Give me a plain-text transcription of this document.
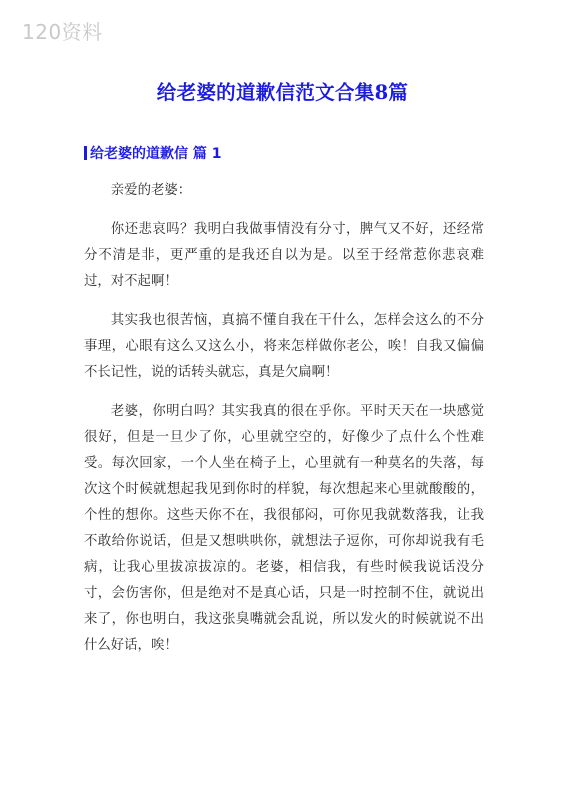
120资料
给老婆的道歉信范文合集8篇
给老婆的道歉信 篇 1

亲爱的老婆：

你还悲哀吗？我明白我做事情没有分寸，脾气又不好，还经常分不清是非，更严重的是我还自以为是。以至于经常惹你悲哀难过，对不起啊！

其实我也很苦恼，真搞不懂自我在干什么，怎样会这么的不分事理，心眼有这么又这么小，将来怎样做你老公，唉！自我又偏偏不长记性，说的话转头就忘，真是欠扁啊！

老婆，你明白吗？其实我真的很在乎你。平时天天在一块感觉很好，但是一旦少了你，心里就空空的，好像少了点什么个性难受。每次回家，一个人坐在椅子上，心里就有一种莫名的失落，每次这个时候就想起我见到你时的样貌，每次想起来心里就酸酸的，个性的想你。这些天你不在，我很郁闷，可你见我就数落我，让我不敢给你说话，但是又想哄哄你，就想法子逗你，可你却说我有毛病，让我心里拔凉拔凉的。老婆，相信我，有些时候我说话没分寸，会伤害你，但是绝对不是真心话，只是一时控制不住，就说出来了，你也明白，我这张臭嘴就会乱说，所以发火的时候就说不出什么好话，唉！
